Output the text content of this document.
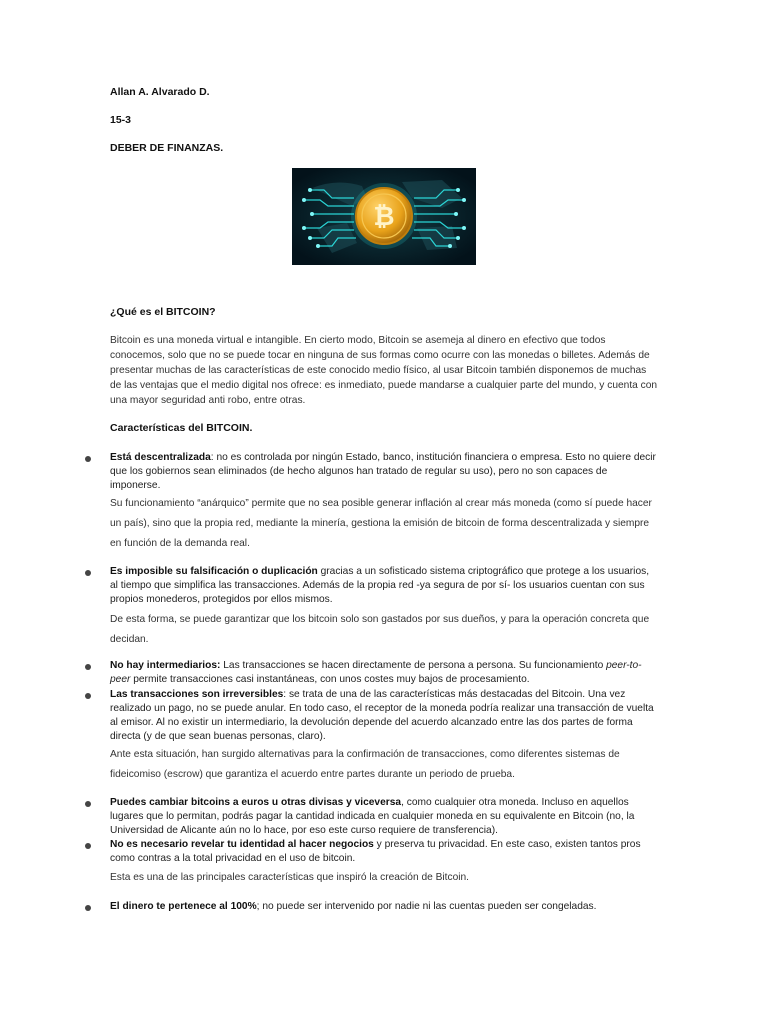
Allan A. Alvarado D.
15-3
DEBER DE FINANZAS.
₿
¿Qué es el BITCOIN?
Bitcoin es una moneda virtual e intangible. En cierto modo, Bitcoin se asemeja al dinero en efectivo que todos conocemos, solo que no se puede tocar en ninguna de sus formas como ocurre con las monedas o billetes. Además de presentar muchas de las características de este conocido medio físico, al usar Bitcoin también disponemos de muchas de las ventajas que el medio digital nos ofrece: es inmediato, puede mandarse a cualquier parte del mundo, y cuenta con una mayor seguridad anti robo, entre otras.
Características del BITCOIN.
Está descentralizada: no es controlada por ningún Estado, banco, institución financiera o empresa. Esto no quiere decir que los gobiernos sean eliminados (de hecho algunos han tratado de regular su uso), pero no son capaces de imponerse.
Su funcionamiento “anárquico” permite que no sea posible generar inflación al crear más moneda (como sí puede hacer un país), sino que la propia red, mediante la minería, gestiona la emisión de bitcoin de forma descentralizada y siempre en función de la demanda real.
Es imposible su falsificación o duplicación gracias a un sofisticado sistema criptográfico que protege a los usuarios, al tiempo que simplifica las transacciones. Además de la propia red -ya segura de por sí- los usuarios cuentan con sus propios monederos, protegidos por ellos mismos.
De esta forma, se puede garantizar que los bitcoin solo son gastados por sus dueños, y para la operación concreta que decidan.
No hay intermediarios: Las transacciones se hacen directamente de persona a persona. Su funcionamiento peer-to-peer permite transacciones casi instantáneas, con unos costes muy bajos de procesamiento.
Las transacciones son irreversibles: se trata de una de las características más destacadas del Bitcoin. Una vez realizado un pago, no se puede anular. En todo caso, el receptor de la moneda podría realizar una transacción de vuelta al emisor. Al no existir un intermediario, la devolución depende del acuerdo alcanzado entre las dos partes de forma directa (y de que sean buenas personas, claro).
Ante esta situación, han surgido alternativas para la confirmación de transacciones, como diferentes sistemas de fideicomiso (escrow) que garantiza el acuerdo entre partes durante un periodo de prueba.
Puedes cambiar bitcoins a euros u otras divisas y viceversa, como cualquier otra moneda. Incluso en aquellos lugares que lo permitan, podrás pagar la cantidad indicada en cualquier moneda en su equivalente en Bitcoin (no, la Universidad de Alicante aún no lo hace, por eso este curso requiere de transferencia).
No es necesario revelar tu identidad al hacer negocios y preserva tu privacidad. En este caso, existen tantos pros como contras a la total privacidad en el uso de bitcoin.
Esta es una de las principales características que inspiró la creación de Bitcoin.
El dinero te pertenece al 100%; no puede ser intervenido por nadie ni las cuentas pueden ser congeladas.
